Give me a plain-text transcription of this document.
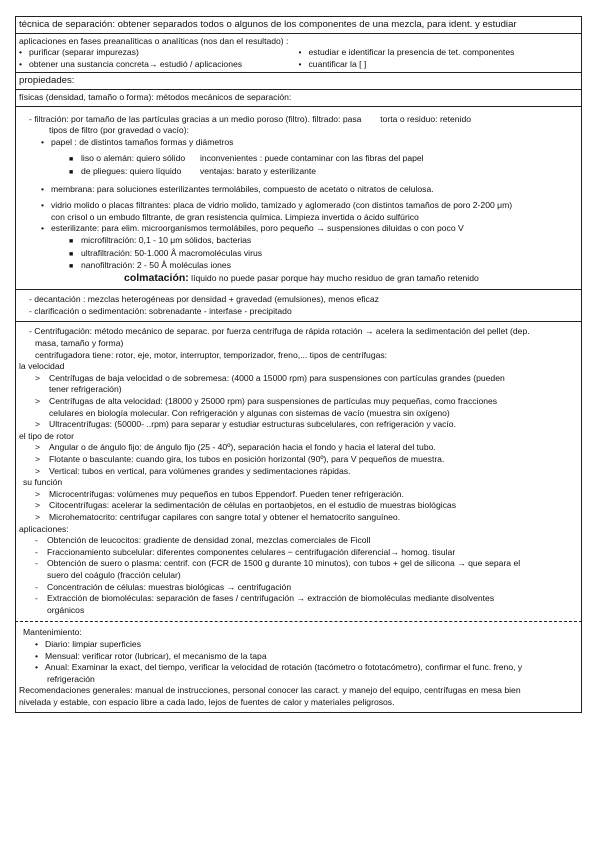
técnica de separación: obtener separados todos o algunos de los componentes de una mezcla, para ident. y estudiar
aplicaciones en fases preanalíticas o analíticas (nos dan el resultado) :
• purificar (separar impurezas)
• obtener una sustancia concreta→ estudió / aplicaciones
• estudiar e identificar la presencia de tet. componentes
• cuantificar la [ ]
propiedades:
físicas (densidad, tamaño o forma): métodos mecánicos de separación:
- filtración: por tamaño de las partículas gracias a un medio poroso (filtro). filtrado: pasa torta o residuo: retenido
tipos de filtro (por gravedad o vacío):
• papel : de distintos tamaños formas y diámetros
■ liso o alemán: quiero sólido inconvenientes : puede contaminar con las fibras del papel
■ de pliegues: quiero líquido ventajas: barato y esterilizante
• membrana: para soluciones esterilizantes termolábiles, compuesto de acetato o nitratos de celulosa.
• vidrio molido o placas filtrantes: placa de vidrio molido, tamizado y aglomerado (con distintos tamaños de poro 2-200 μm)
con crisol o un embudo filtrante, de gran resistencia química. Limpieza invertida o ácido sulfúrico
• esterilizante: para elim. microorganismos termolábiles, poro pequeño → suspensiones diluidas o con poco V
■ microfiltración: 0,1 - 10 μm sólidos, bacterias
■ ultrafiltración: 50-1.000 Å macromoléculas virus
■ nanofiltración: 2 - 50 Å moléculas iones
colmatación: líquido no puede pasar porque hay mucho residuo de gran tamaño retenido
- decantación : mezclas heterogéneas por densidad + gravedad (emulsiones), menos eficaz
- clarificación o sedimentación: sobrenadante - interfase - precipitado
- Centrifugación: método mecánico de separac. por fuerza centrífuga de rápida rotación → acelera la sedimentación del pellet (dep.
masa, tamaño y forma)
centrifugadora tiene: rotor, eje, motor, interruptor, temporizador, freno,... tipos de centrífugas:
la velocidad
> Centrífugas de baja velocidad o de sobremesa: (4000 a 15000 rpm) para suspensiones con partículas grandes (pueden
tener refrigeración)
> Centrífugas de alta velocidad: (18000 y 25000 rpm) para suspensiones de partículas muy pequeñas, como fracciones
celulares en biología molecular. Con refrigeración y algunas con sistemas de vacío (muestra sin oxígeno)
> Ultracentrífugas: (50000- ..rpm) para separar y estudiar estructuras subcelulares, con refrigeración y vacío.
el tipo de rotor
> Angular o de ángulo fijo: de ángulo fijo (25 - 40º), separación hacia el fondo y hacia el lateral del tubo.
> Flotante o basculante: cuando gira, los tubos en posición horizontal (90º), para V pequeños de muestra.
> Vertical: tubos en vertical, para volúmenes grandes y sedimentaciones rápidas.
su función
> Microcentrífugas: volúmenes muy pequeños en tubos Eppendorf. Pueden tener refrigeración.
> Citocentrífugas: acelerar la sedimentación de células en portaobjetos, en el estudio de muestras biológicas
> Microhematocrito: centrifugar capilares con sangre total y obtener el hematocrito sanguíneo.
aplicaciones:
- Obtención de leucocitos: gradiente de densidad zonal, mezclas comerciales de Ficoll
- Fraccionamiento subcelular: diferentes componentes celulares − centrifugación diferencial→ homog. tisular
- Obtención de suero o plasma: centrif. con (FCR de 1500 g durante 10 minutos), con tubos + gel de silicona → que separa el
suero del coágulo (fracción celular)
- Concentración de células: muestras biológicas → centrifugación
- Extracción de biomoléculas: separación de fases / centrifugación → extracción de biomoléculas mediante disolventes
orgánicos
Mantenimiento:
• Diario: limpiar superficies
• Mensual: verificar rotor (lubricar), el mecanismo de la tapa
• Anual: Examinar la exact, del tiempo, verificar la velocidad de rotación (tacómetro o fototacómetro), confirmar el func. freno, y
refrigeración
Recomendaciones generales: manual de instrucciones, personal conocer las caract. y manejo del equipo, centrífugas en mesa bien
nivelada y estable, con espacio libre a cada lado, lejos de fuentes de calor y materiales peligrosos.
